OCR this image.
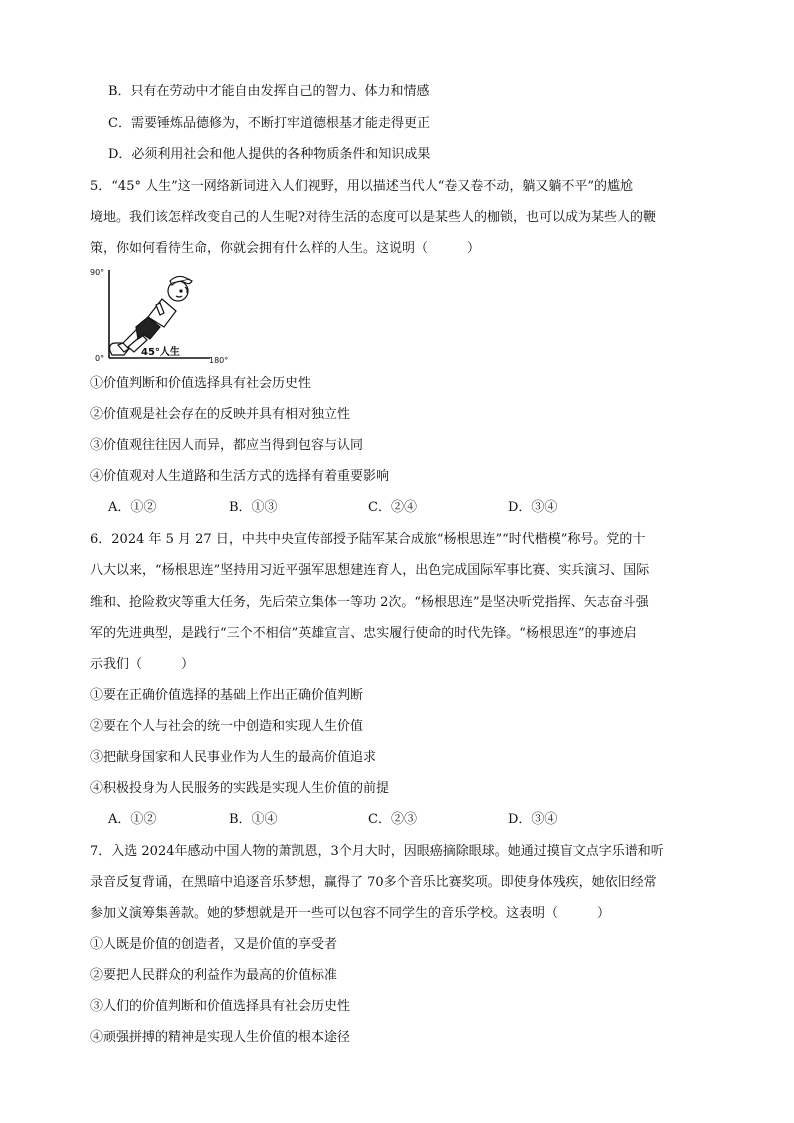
B．只有在劳动中才能自由发挥自己的智力、体力和情感
C．需要锤炼品德修为，不断打牢道德根基才能走得更正
D．必须利用社会和他人提供的各种物质条件和知识成果
5．“45° 人生”这一网络新词进入人们视野，用以描述当代人“卷又卷不动，躺又躺不平”的尴尬
境地。我们该怎样改变自己的人生呢?对待生活的态度可以是某些人的枷锁，也可以成为某些人的鞭
策，你如何看待生命，你就会拥有什么样的人生。这说明（　　　）
90°
0°	180°
45°人生
①价值判断和价值选择具有社会历史性
②价值观是社会存在的反映并具有相对独立性
③价值观往往因人而异，都应当得到包容与认同
④价值观对人生道路和生活方式的选择有着重要影响
A．①②	B．①③	C．②④	D．③④
6．2024 年 5 月 27 日，中共中央宣传部授予陆军某合成旅“杨根思连”“时代楷模”称号。党的十
八大以来，“杨根思连”坚持用习近平强军思想建连育人，出色完成国际军事比赛、实兵演习、国际
维和、抢险救灾等重大任务，先后荣立集体一等功 2次。“杨根思连”是坚决听党指挥、矢志奋斗强
军的先进典型，是践行“三个不相信”英雄宣言、忠实履行使命的时代先锋。“杨根思连”的事迹启
示我们（　　　）
①要在正确价值选择的基础上作出正确价值判断
②要在个人与社会的统一中创造和实现人生价值
③把献身国家和人民事业作为人生的最高价值追求
④积极投身为人民服务的实践是实现人生价值的前提
A．①②	B．①④	C．②③	D．③④
7．入选 2024年感动中国人物的萧凯恩，3个月大时，因眼癌摘除眼球。她通过摸盲文点字乐谱和听
录音反复背诵，在黑暗中追逐音乐梦想，赢得了 70多个音乐比赛奖项。即使身体残疾，她依旧经常
参加义演筹集善款。她的梦想就是开一些可以包容不同学生的音乐学校。这表明（　　　）
①人既是价值的创造者，又是价值的享受者
②要把人民群众的利益作为最高的价值标准
③人们的价值判断和价值选择具有社会历史性
④顽强拼搏的精神是实现人生价值的根本途径
